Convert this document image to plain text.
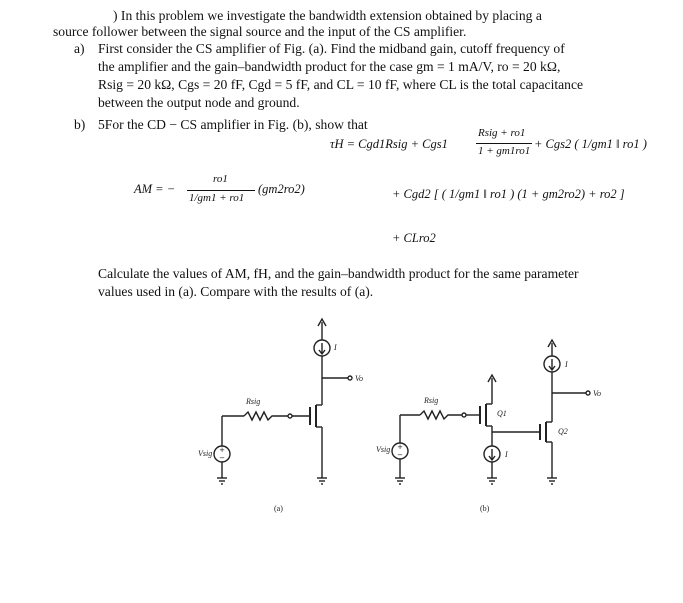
) In this problem we investigate the bandwidth extension obtained by placing a
source follower between the signal source and the input of the CS amplifier.
a) First consider the CS amplifier of Fig. (a). Find the midband gain, cutoff frequency of
the amplifier and the gain–bandwidth product for the case gm = 1 mA/V, ro = 20 kΩ,
Rsig = 20 kΩ, Cgs = 20 fF, Cgd = 5 fF, and CL = 10 fF, where CL is the total capacitance
between the output node and ground.
b) 5For the CD − CS amplifier in Fig. (b), show that
τH = Cgd1Rsig + Cgs1
Rsig + ro1
1 + gm1ro1 + Cgs2 ( 1/gm1 ‖ ro1 )
AM = −
ro1
1/gm1 + ro1
(gm2ro2)	+ Cgd2 [ ( 1/gm1 ‖ ro1 ) (1 + gm2ro2) + ro2 ]
+ CLro2
Calculate the values of AM, fH, and the gain–bandwidth product for the same parameter
values used in (a). Compare with the results of (a).
+
−
+
−
I
Vo
Rsig
Vsig
Rsig
Vsig
Q1
Q2
I
I
Vo
(a)	(b)
